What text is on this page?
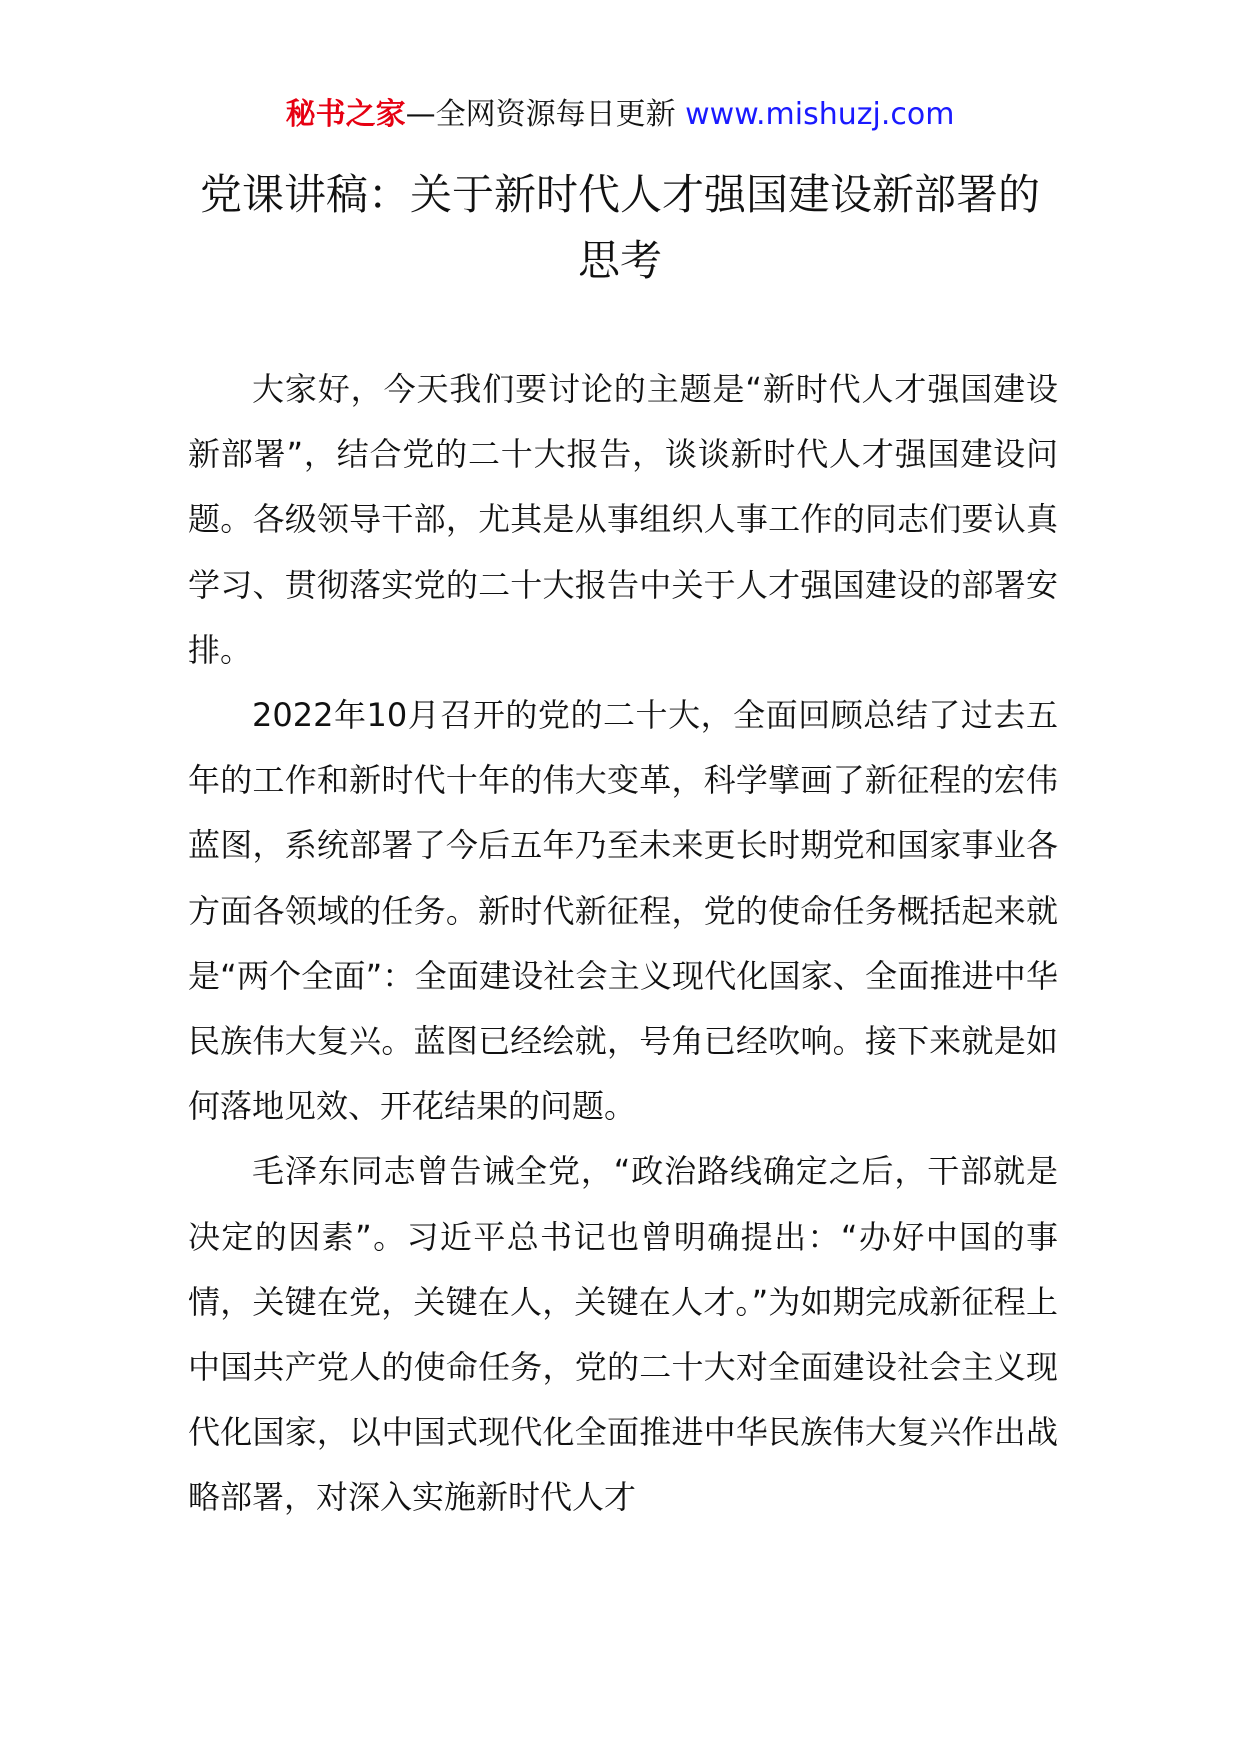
秘书之家—全网资源每日更新 www.mishuzj.com
党课讲稿：关于新时代人才强国建设新部署的思考

大家好，今天我们要讨论的主题是“新时代人才强国建设新部署”，结合党的二十大报告，谈谈新时代人才强国建设问题。各级领导干部，尤其是从事组织人事工作的同志们要认真学习、贯彻落实党的二十大报告中关于人才强国建设的部署安排。

2022年10月召开的党的二十大，全面回顾总结了过去五年的工作和新时代十年的伟大变革，科学擘画了新征程的宏伟蓝图，系统部署了今后五年乃至未来更长时期党和国家事业各方面各领域的任务。新时代新征程，党的使命任务概括起来就是“两个全面”：全面建设社会主义现代化国家、全面推进中华民族伟大复兴。蓝图已经绘就，号角已经吹响。接下来就是如何落地见效、开花结果的问题。

毛泽东同志曾告诫全党，“政治路线确定之后，干部就是决定的因素”。习近平总书记也曾明确提出：“办好中国的事情，关键在党，关键在人，关键在人才。”为如期完成新征程上中国共产党人的使命任务，党的二十大对全面建设社会主义现代化国家，以中国式现代化全面推进中华民族伟大复兴作出战略部署，对深入实施新时代人才
